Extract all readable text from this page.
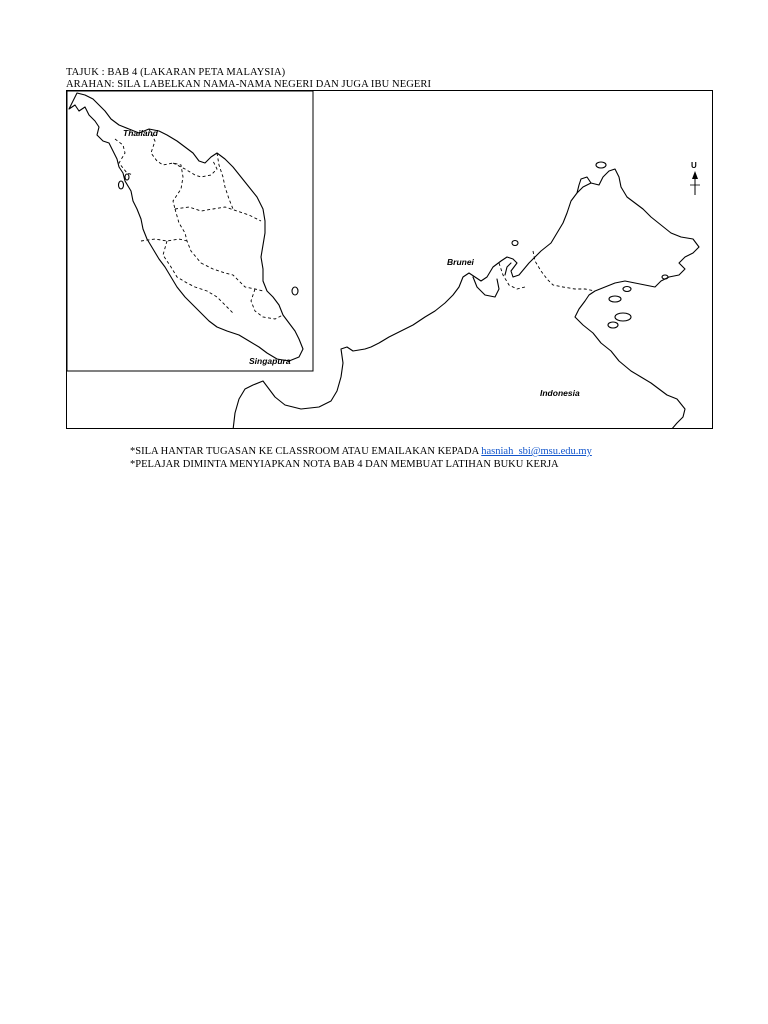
TAJUK : BAB 4 (LAKARAN PETA MALAYSIA)
ARAHAN: SILA LABELKAN NAMA-NAMA NEGERI DAN JUGA IBU NEGERI
U
Thailand
Singapura
Brunei
Indonesia
*SILA HANTAR TUGASAN KE CLASSROOM ATAU EMAILAKAN KEPADA hasniah_sbi@msu.edu.my
*PELAJAR DIMINTA MENYIAPKAN NOTA BAB 4 DAN MEMBUAT LATIHAN BUKU KERJA
